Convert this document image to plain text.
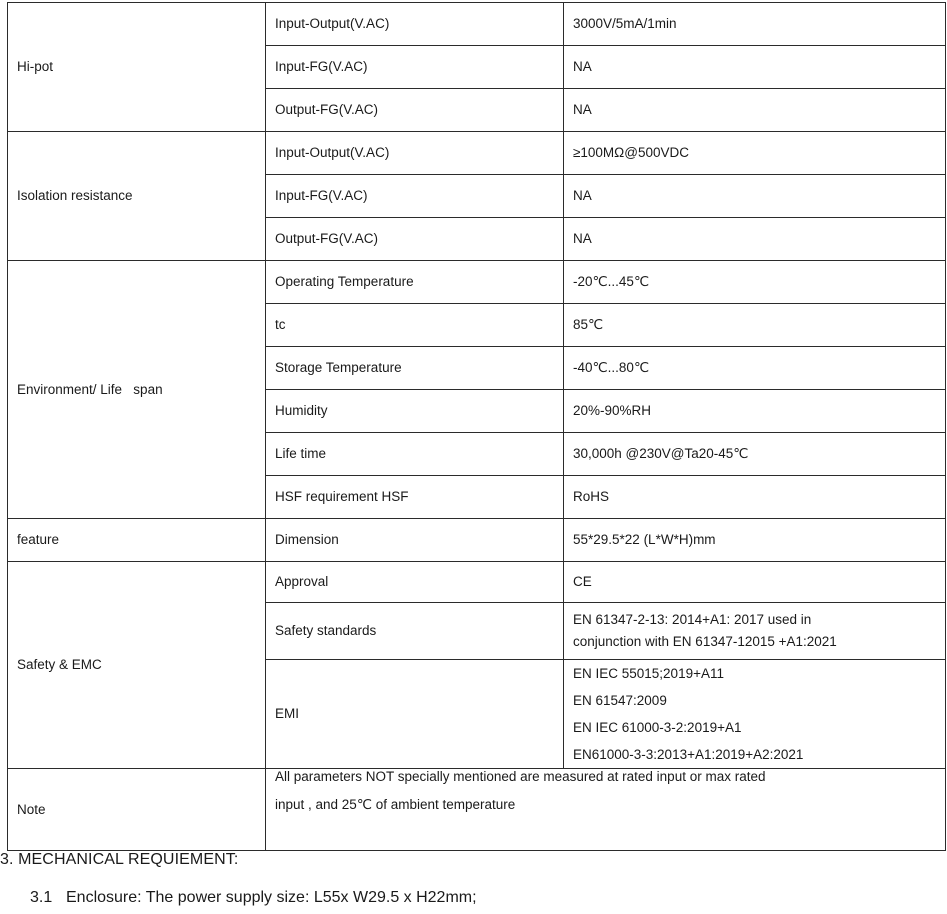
Hi-pot	Input-Output(V.AC)	3000V/5mA/1min
	Input-FG(V.AC)	NA
	Output-FG(V.AC)	NA
Isolation resistance	Input-Output(V.AC)	≥100MΩ@500VDC
	Input-FG(V.AC)	NA
	Output-FG(V.AC)	NA
Environment/ Life   span	Operating Temperature	-20℃...45℃
	tc	85℃
	Storage Temperature	-40℃...80℃
	Humidity	20%-90%RH
	Life time	30,000h @230V@Ta20-45℃
	HSF requirement HSF	RoHS
feature	Dimension	55*29.5*22 (L*W*H)mm
Safety & EMC	Approval	CE
	Safety standards	EN 61347-2-13: 2014+A1: 2017 used in
conjunction with EN 61347-12015 +A1:2021

	EMI	EN IEC 55015;2019+A11
EN 61547:2009
EN IEC 61000-3-2:2019+A1
EN61000-3-3:2013+A1:2019+A2:2021

Note	All parameters NOT specially mentioned are measured at rated input or max rated
input , and 25℃ of ambient temperature	
3. MECHANICAL REQUIEMENT:
3.1 Enclosure: The power supply size: L55x W29.5 x H22mm;
